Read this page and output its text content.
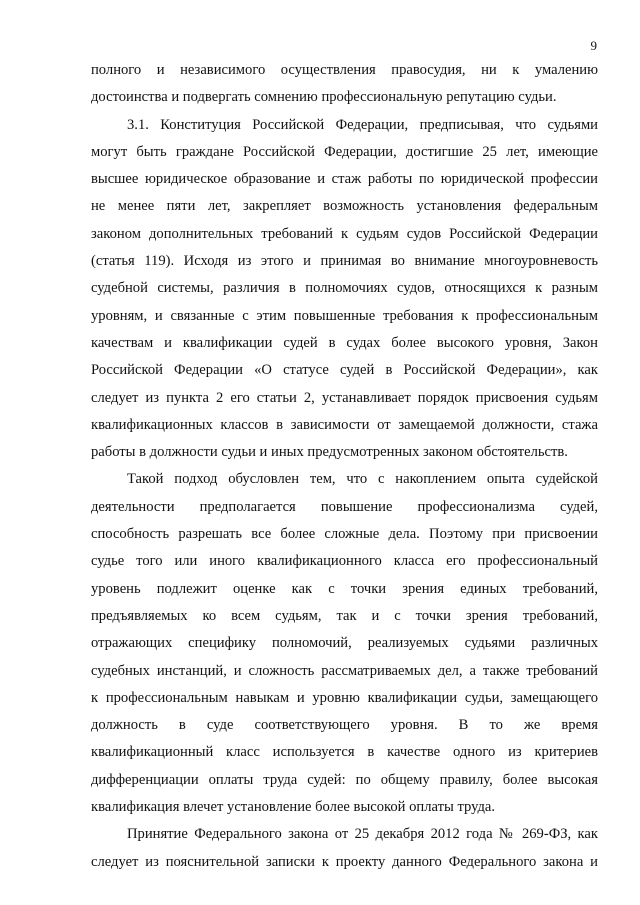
9
полного и независимого осуществления правосудия, ни к умалению
достоинства и подвергать сомнению профессиональную репутацию судьи.
3.1. Конституция Российской Федерации, предписывая, что судьями
могут быть граждане Российской Федерации, достигшие 25 лет, имеющие
высшее юридическое образование и стаж работы по юридической профессии
не менее пяти лет, закрепляет возможность установления федеральным
законом дополнительных требований к судьям судов Российской Федерации
(статья 119). Исходя из этого и принимая во внимание многоуровневость
судебной системы, различия в полномочиях судов, относящихся к разным
уровням, и связанные с этим повышенные требования к профессиональным
качествам и квалификации судей в судах более высокого уровня, Закон
Российской Федерации «О статусе судей в Российской Федерации», как
следует из пункта 2 его статьи 2, устанавливает порядок присвоения судьям
квалификационных классов в зависимости от замещаемой должности, стажа
работы в должности судьи и иных предусмотренных законом обстоятельств.
Такой подход обусловлен тем, что с накоплением опыта судейской
деятельности предполагается повышение профессионализма судей,
способность разрешать все более сложные дела. Поэтому при присвоении
судье того или иного квалификационного класса его профессиональный
уровень подлежит оценке как с точки зрения единых требований,
предъявляемых ко всем судьям, так и с точки зрения требований,
отражающих специфику полномочий, реализуемых судьями различных
судебных инстанций, и сложность рассматриваемых дел, а также требований
к профессиональным навыкам и уровню квалификации судьи, замещающего
должность в суде соответствующего уровня. В то же время
квалификационный класс используется в качестве одного из критериев
дифференциации оплаты труда судей: по общему правилу, более высокая
квалификация влечет установление более высокой оплаты труда.
Принятие Федерального закона от 25 декабря 2012 года № 269-ФЗ, как
следует из пояснительной записки к проекту данного Федерального закона и
